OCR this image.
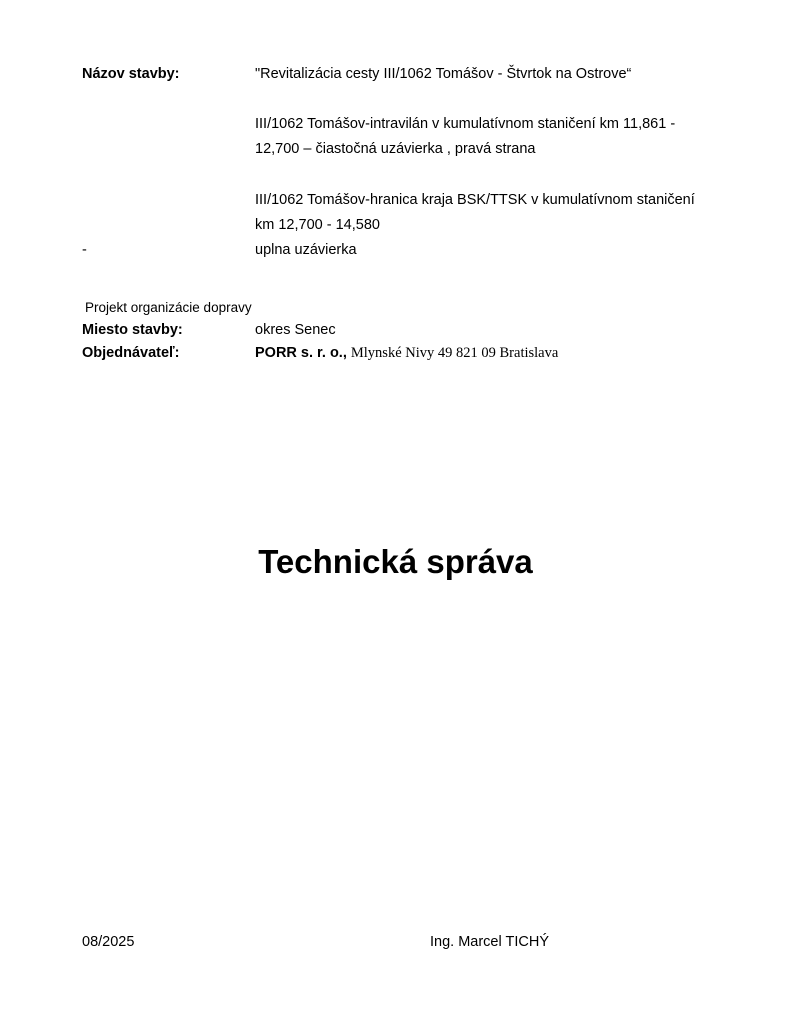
Názov stavby:	"Revitalizácia cesty III/1062 Tomášov - Štvrtok na Ostrove“
III/1062 Tomášov-intravilán v kumulatívnom staničení km 11,861 - 12,700 – čiastočná uzávierka , pravá strana
III/1062 Tomášov-hranica kraja BSK/TTSK v kumulatívnom staničení km 12,700 - 14,580
-	uplna uzávierka
Projekt organizácie dopravy
Miesto stavby:	okres Senec
Objednávateľ:	PORR s. r. o., Mlynské Nivy 49 821 09 Bratislava
Technická správa
08/2025	Ing. Marcel TICHÝ
